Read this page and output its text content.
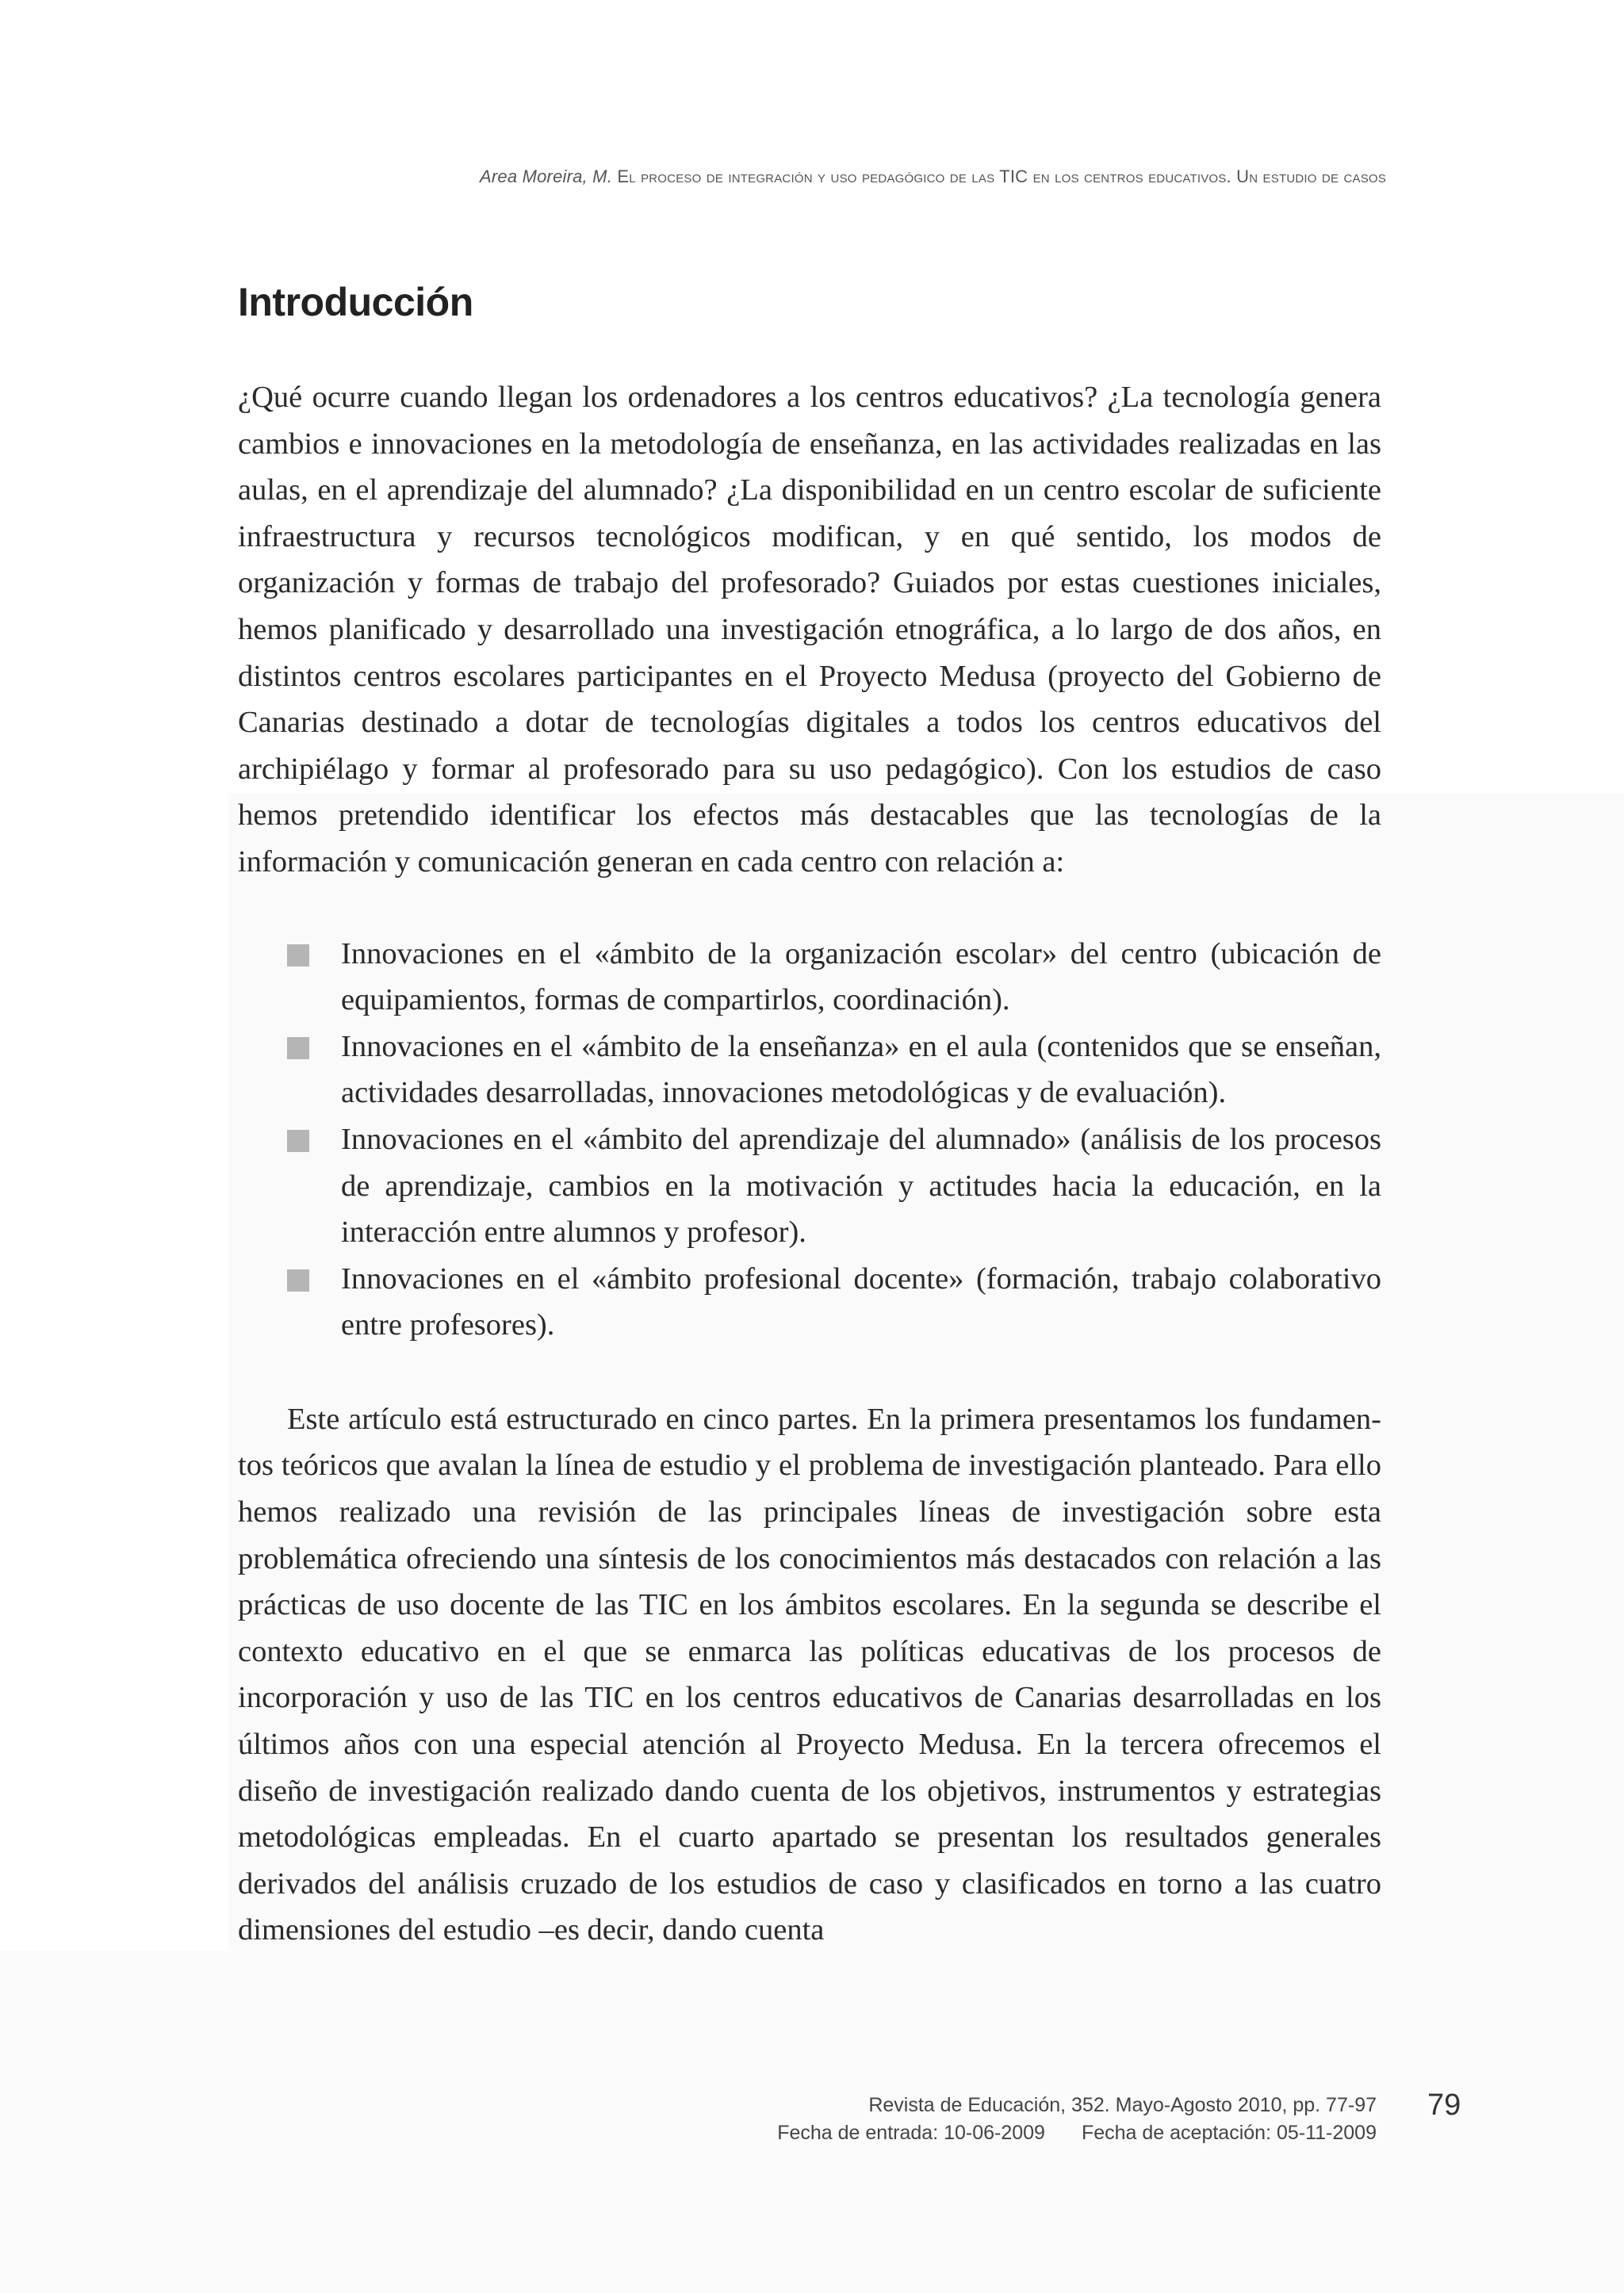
Area Moreira, M. El proceso de integración y uso pedagógico de las TIC en los centros educativos. Un estudio de casos
Introducción

¿Qué ocurre cuando llegan los ordenadores a los centros educativos? ¿La tecnología genera cambios e innovaciones en la metodología de enseñanza, en las actividades realizadas en las aulas, en el aprendizaje del alumnado? ¿La disponibilidad en un centro escolar de suficiente infraestructura y recursos tecnológicos modifican, y en qué sentido, los modos de organización y formas de trabajo del profesorado? Guiados por estas cuestiones iniciales, hemos planificado y desarrollado una investigación etnográfica, a lo largo de dos años, en distintos centros escolares participantes en el Proyecto Medusa (proyecto del Gobierno de Canarias destinado a dotar de tecnologías digitales a todos los centros educativos del archipiélago y formar al profesorado para su uso pedagógico). Con los estudios de caso hemos pretendido identificar los efectos más destacables que las tecnologías de la información y comunicación generan en cada centro con relación a:

Innovaciones en el «ámbito de la organización escolar» del centro (ubicación de equipamientos, formas de compartirlos, coordinación).
Innovaciones en el «ámbito de la enseñanza» en el aula (contenidos que se enseñan, actividades desarrolladas, innovaciones metodológicas y de evaluación).
Innovaciones en el «ámbito del aprendizaje del alumnado» (análisis de los procesos de aprendizaje, cambios en la motivación y actitudes hacia la educación, en la interacción entre alumnos y profesor).
Innovaciones en el «ámbito profesional docente» (formación, trabajo colaborativo entre profesores).

Este artículo está estructurado en cinco partes. En la primera presentamos los fundamentos teóricos que avalan la línea de estudio y el problema de investigación planteado. Para ello hemos realizado una revisión de las principales líneas de investigación sobre esta problemática ofreciendo una síntesis de los conocimientos más destacados con relación a las prácticas de uso docente de las TIC en los ámbitos escolares. En la segunda se describe el contexto educativo en el que se enmarca las políticas educativas de los procesos de incorporación y uso de las TIC en los centros educativos de Canarias desarrolladas en los últimos años con una especial atención al Proyecto Medusa. En la tercera ofrecemos el diseño de investigación realizado dando cuenta de los objetivos, instrumentos y estrategias metodológicas empleadas. En el cuarto apartado se presentan los resultados generales derivados del análisis cruzado de los estudios de caso y clasificados en torno a las cuatro dimensiones del estudio –es decir, dando cuenta

Revista de Educación, 352. Mayo-Agosto 2010, pp. 77-97
Fecha de entrada: 10-06-2009 Fecha de aceptación: 05-11-2009
79
